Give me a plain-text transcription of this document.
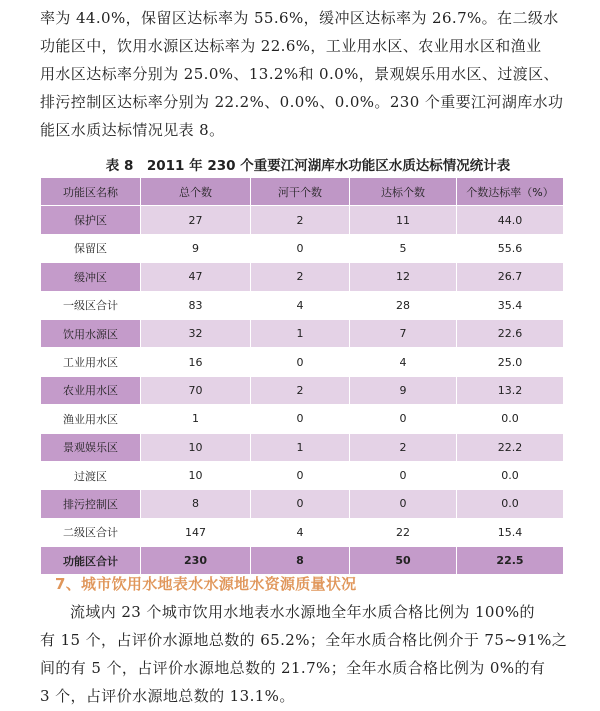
率为 44.0%，保留区达标率为 55.6%，缓冲区达标率为 26.7%。在二级水
功能区中，饮用水源区达标率为 22.6%，工业用水区、农业用水区和渔业
用水区达标率分别为 25.0%、13.2%和 0.0%，景观娱乐用水区、过渡区、
排污控制区达标率分别为 22.2%、0.0%、0.0%。230 个重要江河湖库水功
能区水质达标情况见表 8。

表 8　2011 年 230 个重要江河湖库水功能区水质达标情况统计表
功能区名称	总个数	河干个数	达标个数	个数达标率（%）
保护区	27	2	11	44.0
保留区	9	0	5	55.6
缓冲区	47	2	12	26.7
一级区合计	83	4	28	35.4
饮用水源区	32	1	7	22.6
工业用水区	16	0	4	25.0
农业用水区	70	2	9	13.2
渔业用水区	1	0	0	0.0
景观娱乐区	10	1	2	22.2
过渡区	10	0	0	0.0
排污控制区	8	0	0	0.0
二级区合计	147	4	22	15.4
功能区合计	230	8	50	22.5
7、城市饮用水地表水水源地水资源质量状况

流域内 23 个城市饮用水地表水水源地全年水质合格比例为 100%的
有 15 个，占评价水源地总数的 65.2%；全年水质合格比例介于 75~91%之
间的有 5 个，占评价水源地总数的 21.7%；全年水质合格比例为 0%的有
3 个，占评价水源地总数的 13.1%。
